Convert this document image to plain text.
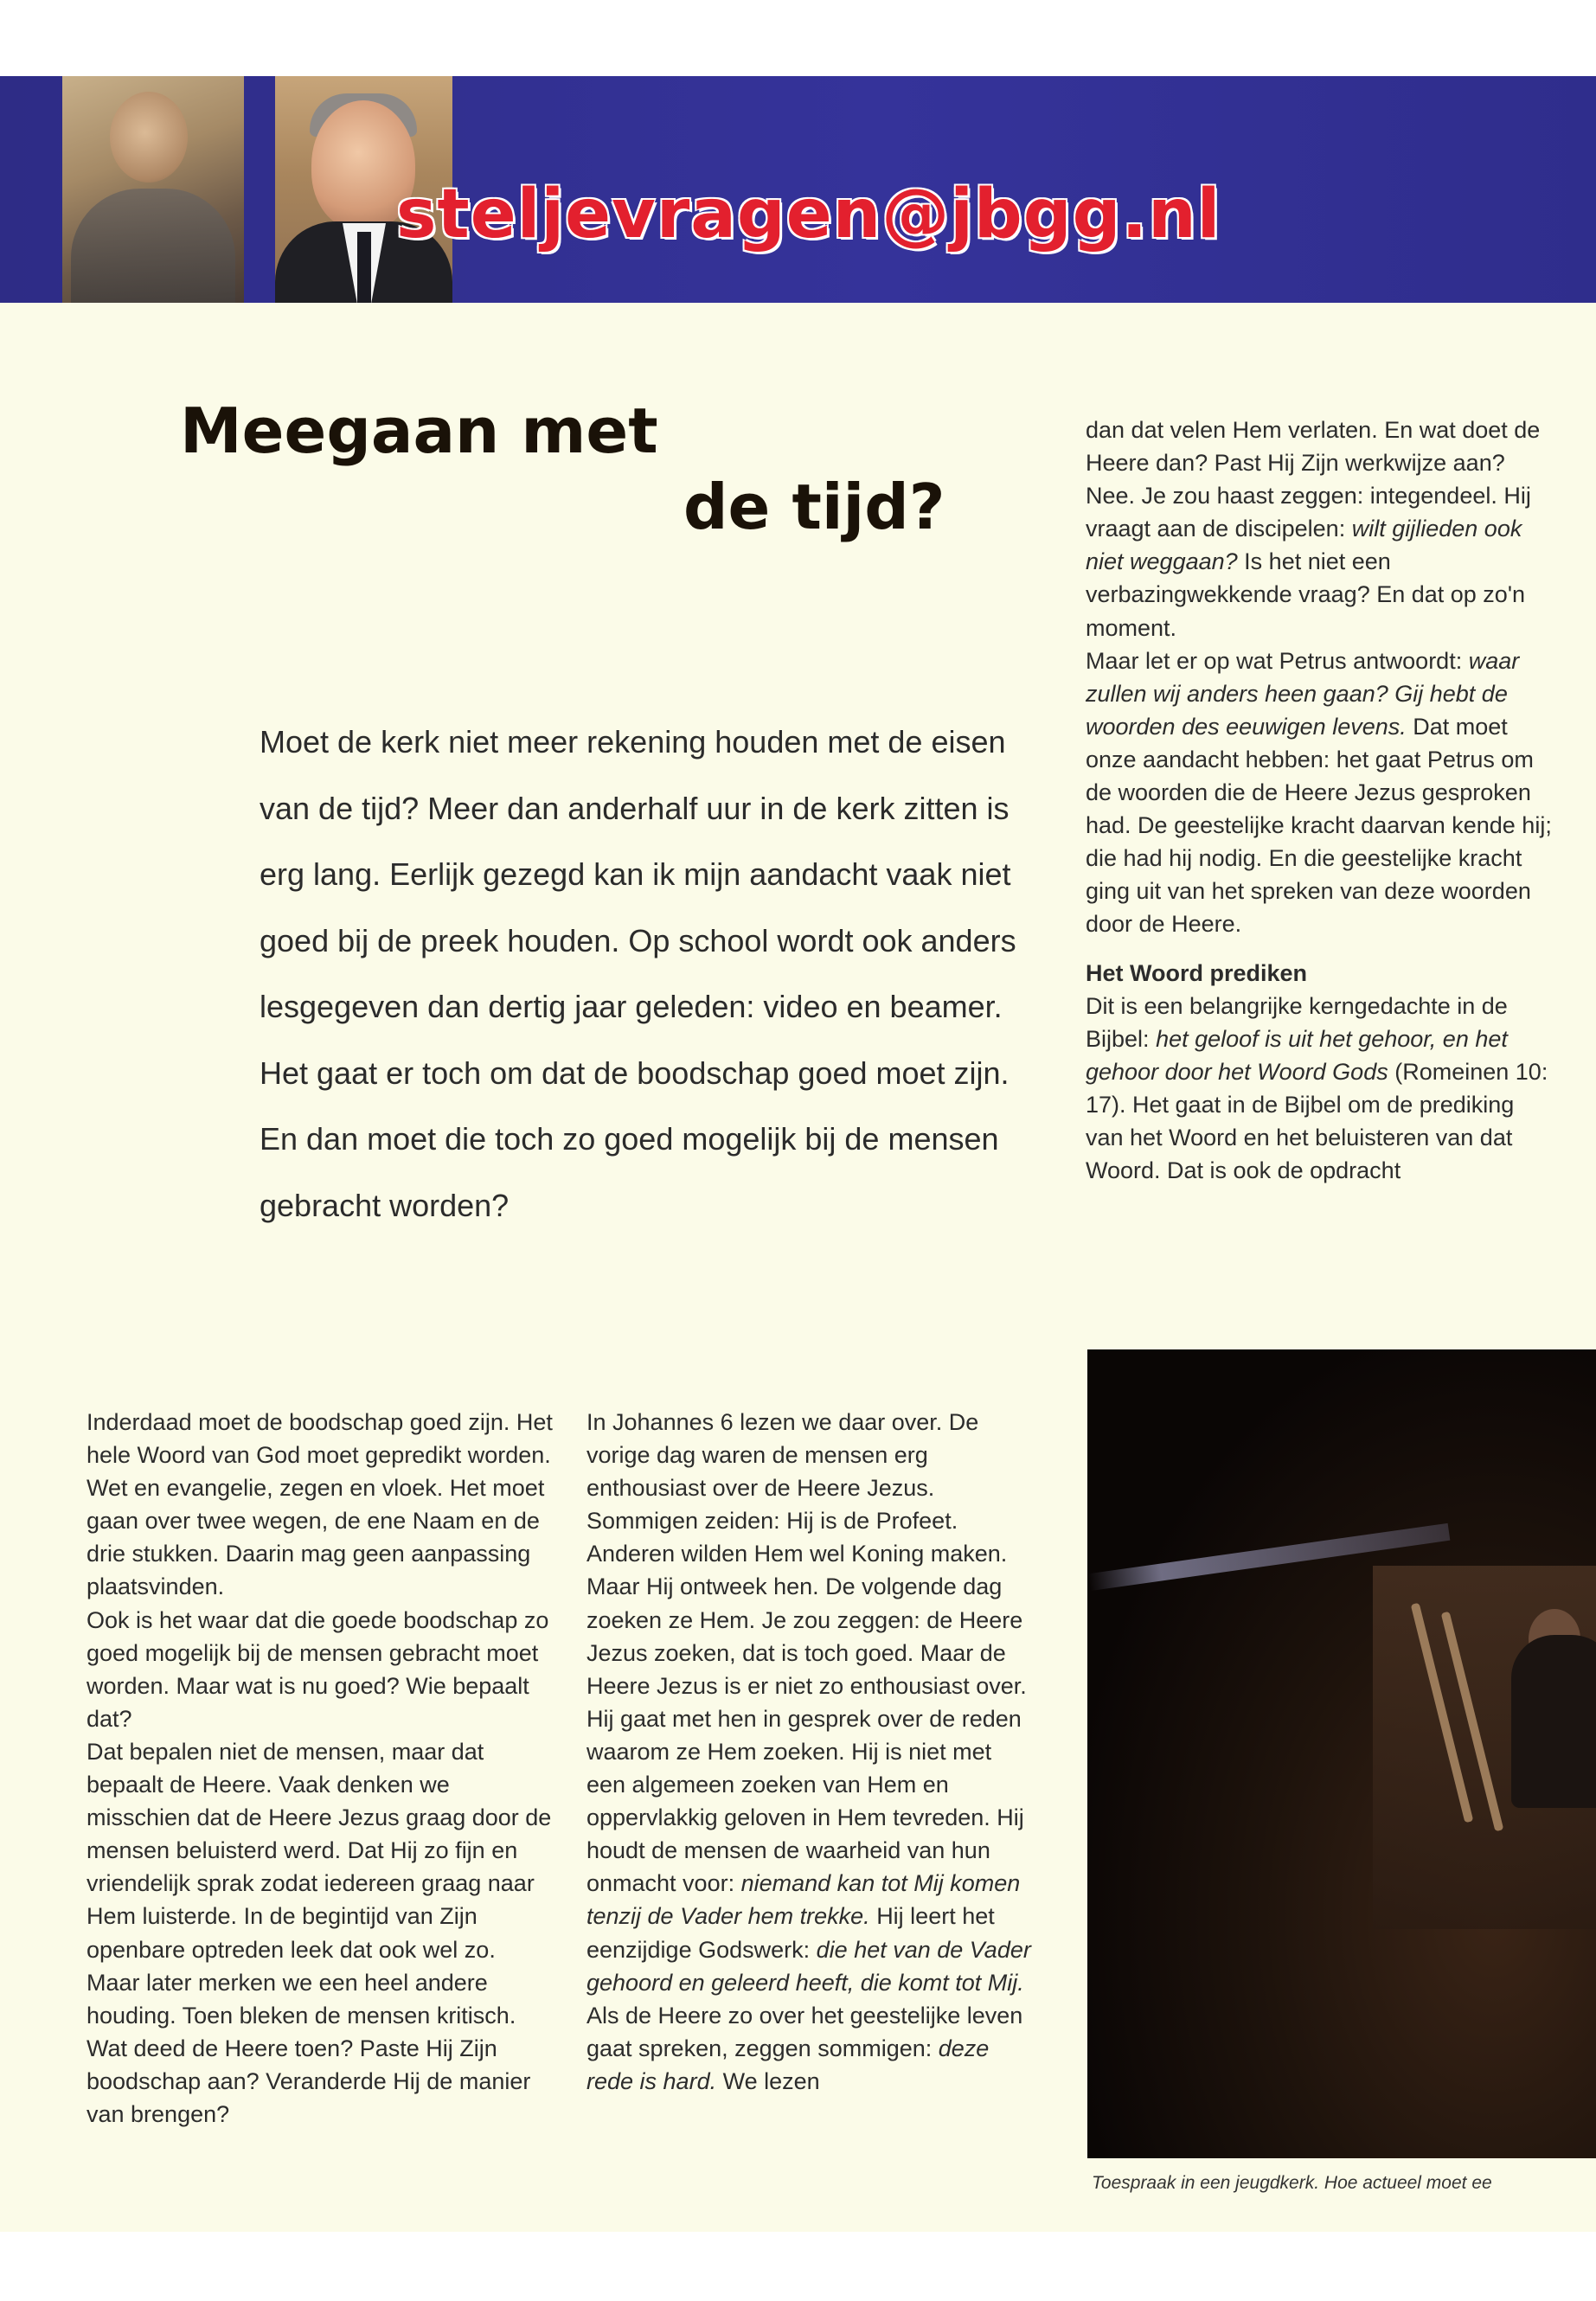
steljevragen@jbgg.nl
Meegaan met
de tijd?

Moet de kerk niet meer rekening houden met de eisen van de tijd? Meer dan anderhalf uur in de kerk zitten is erg lang. Eerlijk gezegd kan ik mijn aandacht vaak niet goed bij de preek houden. Op school wordt ook anders lesgegeven dan dertig jaar geleden: video en beamer. Het gaat er toch om dat de boodschap goed moet zijn. En dan moet die toch zo goed mogelijk bij de mensen gebracht worden?

Inderdaad moet de boodschap goed zijn. Het hele Woord van God moet gepredikt worden. Wet en evangelie, zegen en vloek. Het moet gaan over twee wegen, de ene Naam en de drie stukken. Daarin mag geen aanpassing plaatsvinden.

Ook is het waar dat die goede boodschap zo goed mogelijk bij de mensen gebracht moet worden. Maar wat is nu goed? Wie bepaalt dat?

Dat bepalen niet de mensen, maar dat bepaalt de Heere. Vaak denken we misschien dat de Heere Jezus graag door de mensen beluisterd werd. Dat Hij zo fijn en vriendelijk sprak zodat iedereen graag naar Hem luisterde. In de begintijd van Zijn openbare optreden leek dat ook wel zo. Maar later merken we een heel andere houding. Toen bleken de mensen kritisch. Wat deed de Heere toen? Paste Hij Zijn boodschap aan? Veranderde Hij de manier van brengen?

In Johannes 6 lezen we daar over. De vorige dag waren de mensen erg enthousiast over de Heere Jezus. Sommigen zeiden: Hij is de Profeet. Anderen wilden Hem wel Koning maken. Maar Hij ontweek hen. De volgende dag zoeken ze Hem. Je zou zeggen: de Heere Jezus zoeken, dat is toch goed. Maar de Heere Jezus is er niet zo enthousiast over. Hij gaat met hen in gesprek over de reden waarom ze Hem zoeken. Hij is niet met een algemeen zoeken van Hem en oppervlakkig geloven in Hem tevreden. Hij houdt de mensen de waarheid van hun onmacht voor: niemand kan tot Mij komen tenzij de Vader hem trekke. Hij leert het eenzijdige Godswerk: die het van de Vader gehoord en geleerd heeft, die komt tot Mij.

Als de Heere zo over het geestelijke leven gaat spreken, zeggen sommigen: deze rede is hard. We lezen

dan dat velen Hem verlaten. En wat doet de Heere dan? Past Hij Zijn werkwijze aan? Nee. Je zou haast zeggen: integendeel. Hij vraagt aan de discipelen: wilt gijlieden ook niet weggaan? Is het niet een verbazingwekkende vraag? En dat op zo'n moment.

Maar let er op wat Petrus antwoordt: waar zullen wij anders heen gaan? Gij hebt de woorden des eeuwigen levens. Dat moet onze aandacht hebben: het gaat Petrus om de woorden die de Heere Jezus gesproken had. De geestelijke kracht daarvan kende hij; die had hij nodig. En die geestelijke kracht ging uit van het spreken van deze woorden door de Heere.

Het Woord prediken

Dit is een belangrijke kerngedachte in de Bijbel: het geloof is uit het gehoor, en het gehoor door het Woord Gods (Romeinen 10: 17). Het gaat in de Bijbel om de prediking van het Woord en het beluisteren van dat Woord. Dat is ook de opdracht

Toespraak in een jeugdkerk. Hoe actueel moet ee
